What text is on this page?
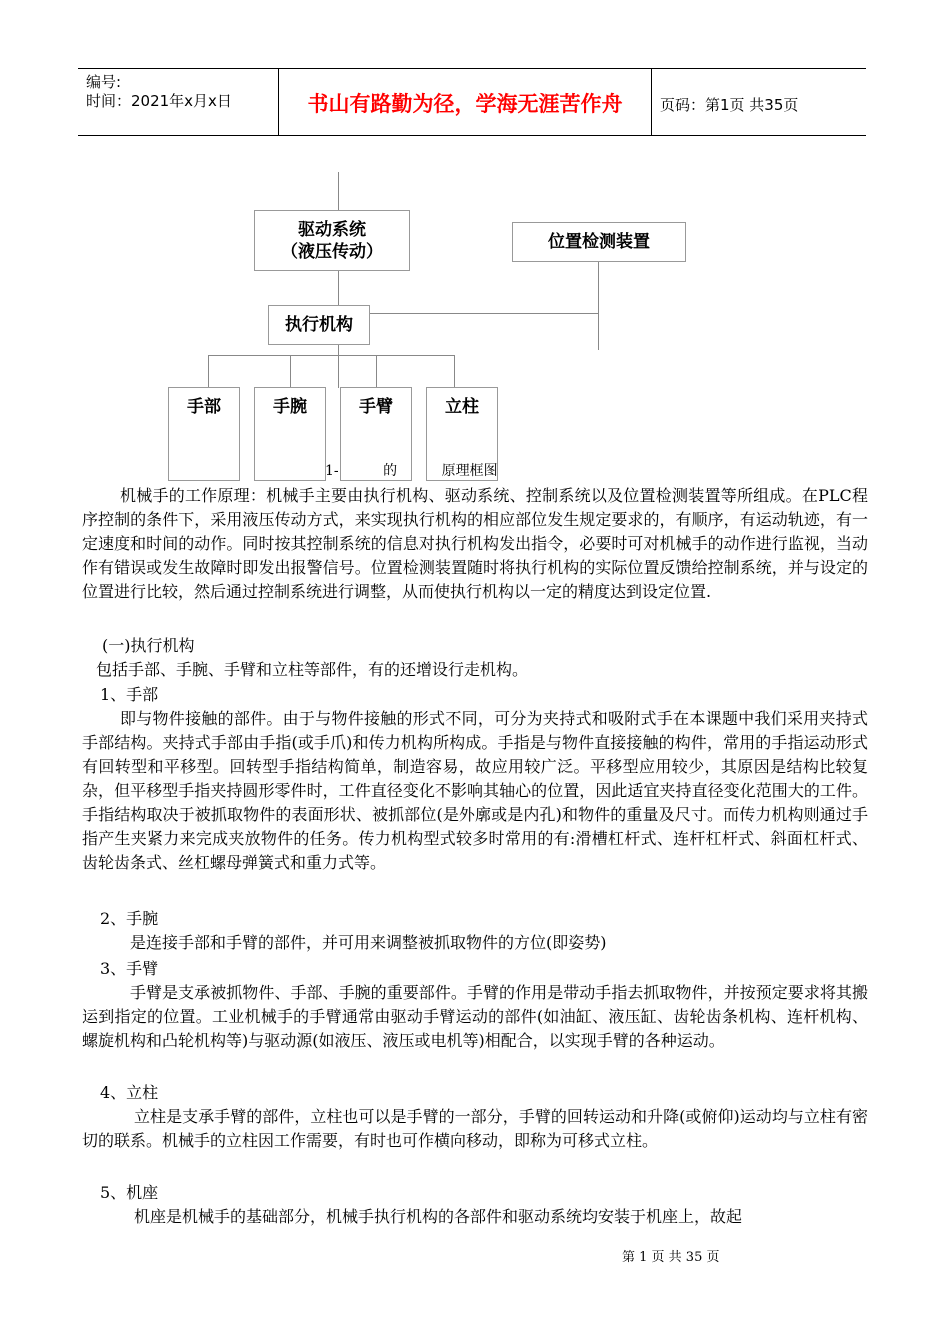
编号:
时间：2021年x月x日	书山有路勤为径，学海无涯苦作舟	页码：第1页 共35页
驱动系统
（液压传动）	位置检测装置
执行机构
手部	手腕	手臂	立柱
1-          的          原理框图
机械手的工作原理：机械手主要由执行机构、驱动系统、控制系统以及位置检测装置等所组成。在PLC程序控制的条件下，采用液压传动方式，来实现执行机构的相应部位发生规定要求的，有顺序，有运动轨迹，有一定速度和时间的动作。同时按其控制系统的信息对执行机构发出指令，必要时可对机械手的动作进行监视，当动作有错误或发生故障时即发出报警信号。位置检测装置随时将执行机构的实际位置反馈给控制系统，并与设定的位置进行比较，然后通过控制系统进行调整，从而使执行机构以一定的精度达到设定位置.
(一)执行机构
包括手部、手腕、手臂和立柱等部件，有的还增设行走机构。
1、手部
即与物件接触的部件。由于与物件接触的形式不同，可分为夹持式和吸附式手在本课题中我们采用夹持式手部结构。夹持式手部由手指(或手爪)和传力机构所构成。手指是与物件直接接触的构件，常用的手指运动形式有回转型和平移型。回转型手指结构简单，制造容易，故应用较广泛。平移型应用较少，其原因是结构比较复杂，但平移型手指夹持圆形零件时，工件直径变化不影响其轴心的位置，因此适宜夹持直径变化范围大的工件。手指结构取决于被抓取物件的表面形状、被抓部位(是外廓或是内孔)和物件的重量及尺寸。而传力机构则通过手指产生夹紧力来完成夹放物件的任务。传力机构型式较多时常用的有:滑槽杠杆式、连杆杠杆式、斜面杠杆式、齿轮齿条式、丝杠螺母弹簧式和重力式等。
2、手腕
是连接手部和手臂的部件，并可用来调整被抓取物件的方位(即姿势)
3、手臂
手臂是支承被抓物件、手部、手腕的重要部件。手臂的作用是带动手指去抓取物件，并按预定要求将其搬运到指定的位置。工业机械手的手臂通常由驱动手臂运动的部件(如油缸、液压缸、齿轮齿条机构、连杆机构、螺旋机构和凸轮机构等)与驱动源(如液压、液压或电机等)相配合，以实现手臂的各种运动。
4、立柱
立柱是支承手臂的部件，立柱也可以是手臂的一部分，手臂的回转运动和升降(或俯仰)运动均与立柱有密切的联系。机械手的立柱因工作需要，有时也可作横向移动，即称为可移式立柱。
5、机座
机座是机械手的基础部分，机械手执行机构的各部件和驱动系统均安装于机座上，故起
第 1 页 共 35 页
